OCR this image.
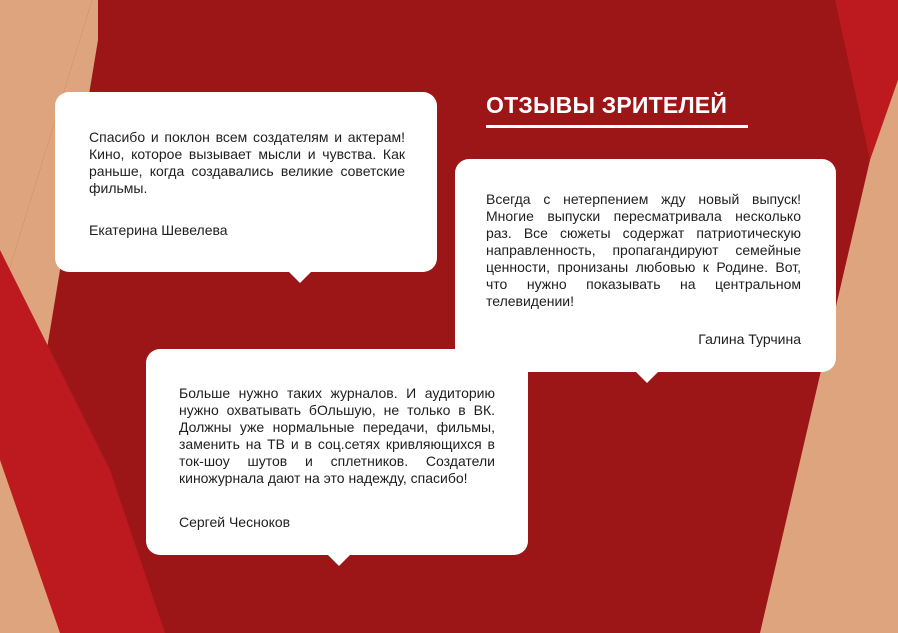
ОТЗЫВЫ ЗРИТЕЛЕЙ

Спасибо и поклон всем создателям и актерам! Кино, которое вызывает мысли и чувства. Как раньше, когда создавались великие советские фильмы.

Екатерина Шевелева

Всегда с нетерпением жду новый выпуск! Многие выпуски пересматривала несколько раз. Все сюжеты содержат патриотическую направленность, пропагандируют семейные ценности, пронизаны любовью к Родине. Вот, что нужно показывать на центральном телевидении!

Галина Турчина

Больше нужно таких журналов. И аудиторию нужно охватывать бОльшую, не только в ВК. Должны уже нормальные передачи, фильмы, заменить на ТВ и в соц.сетях кривляющихся в ток-шоу шутов и сплетников. Создатели киножурнала дают на это надежду, спасибо!

Сергей Чесноков
